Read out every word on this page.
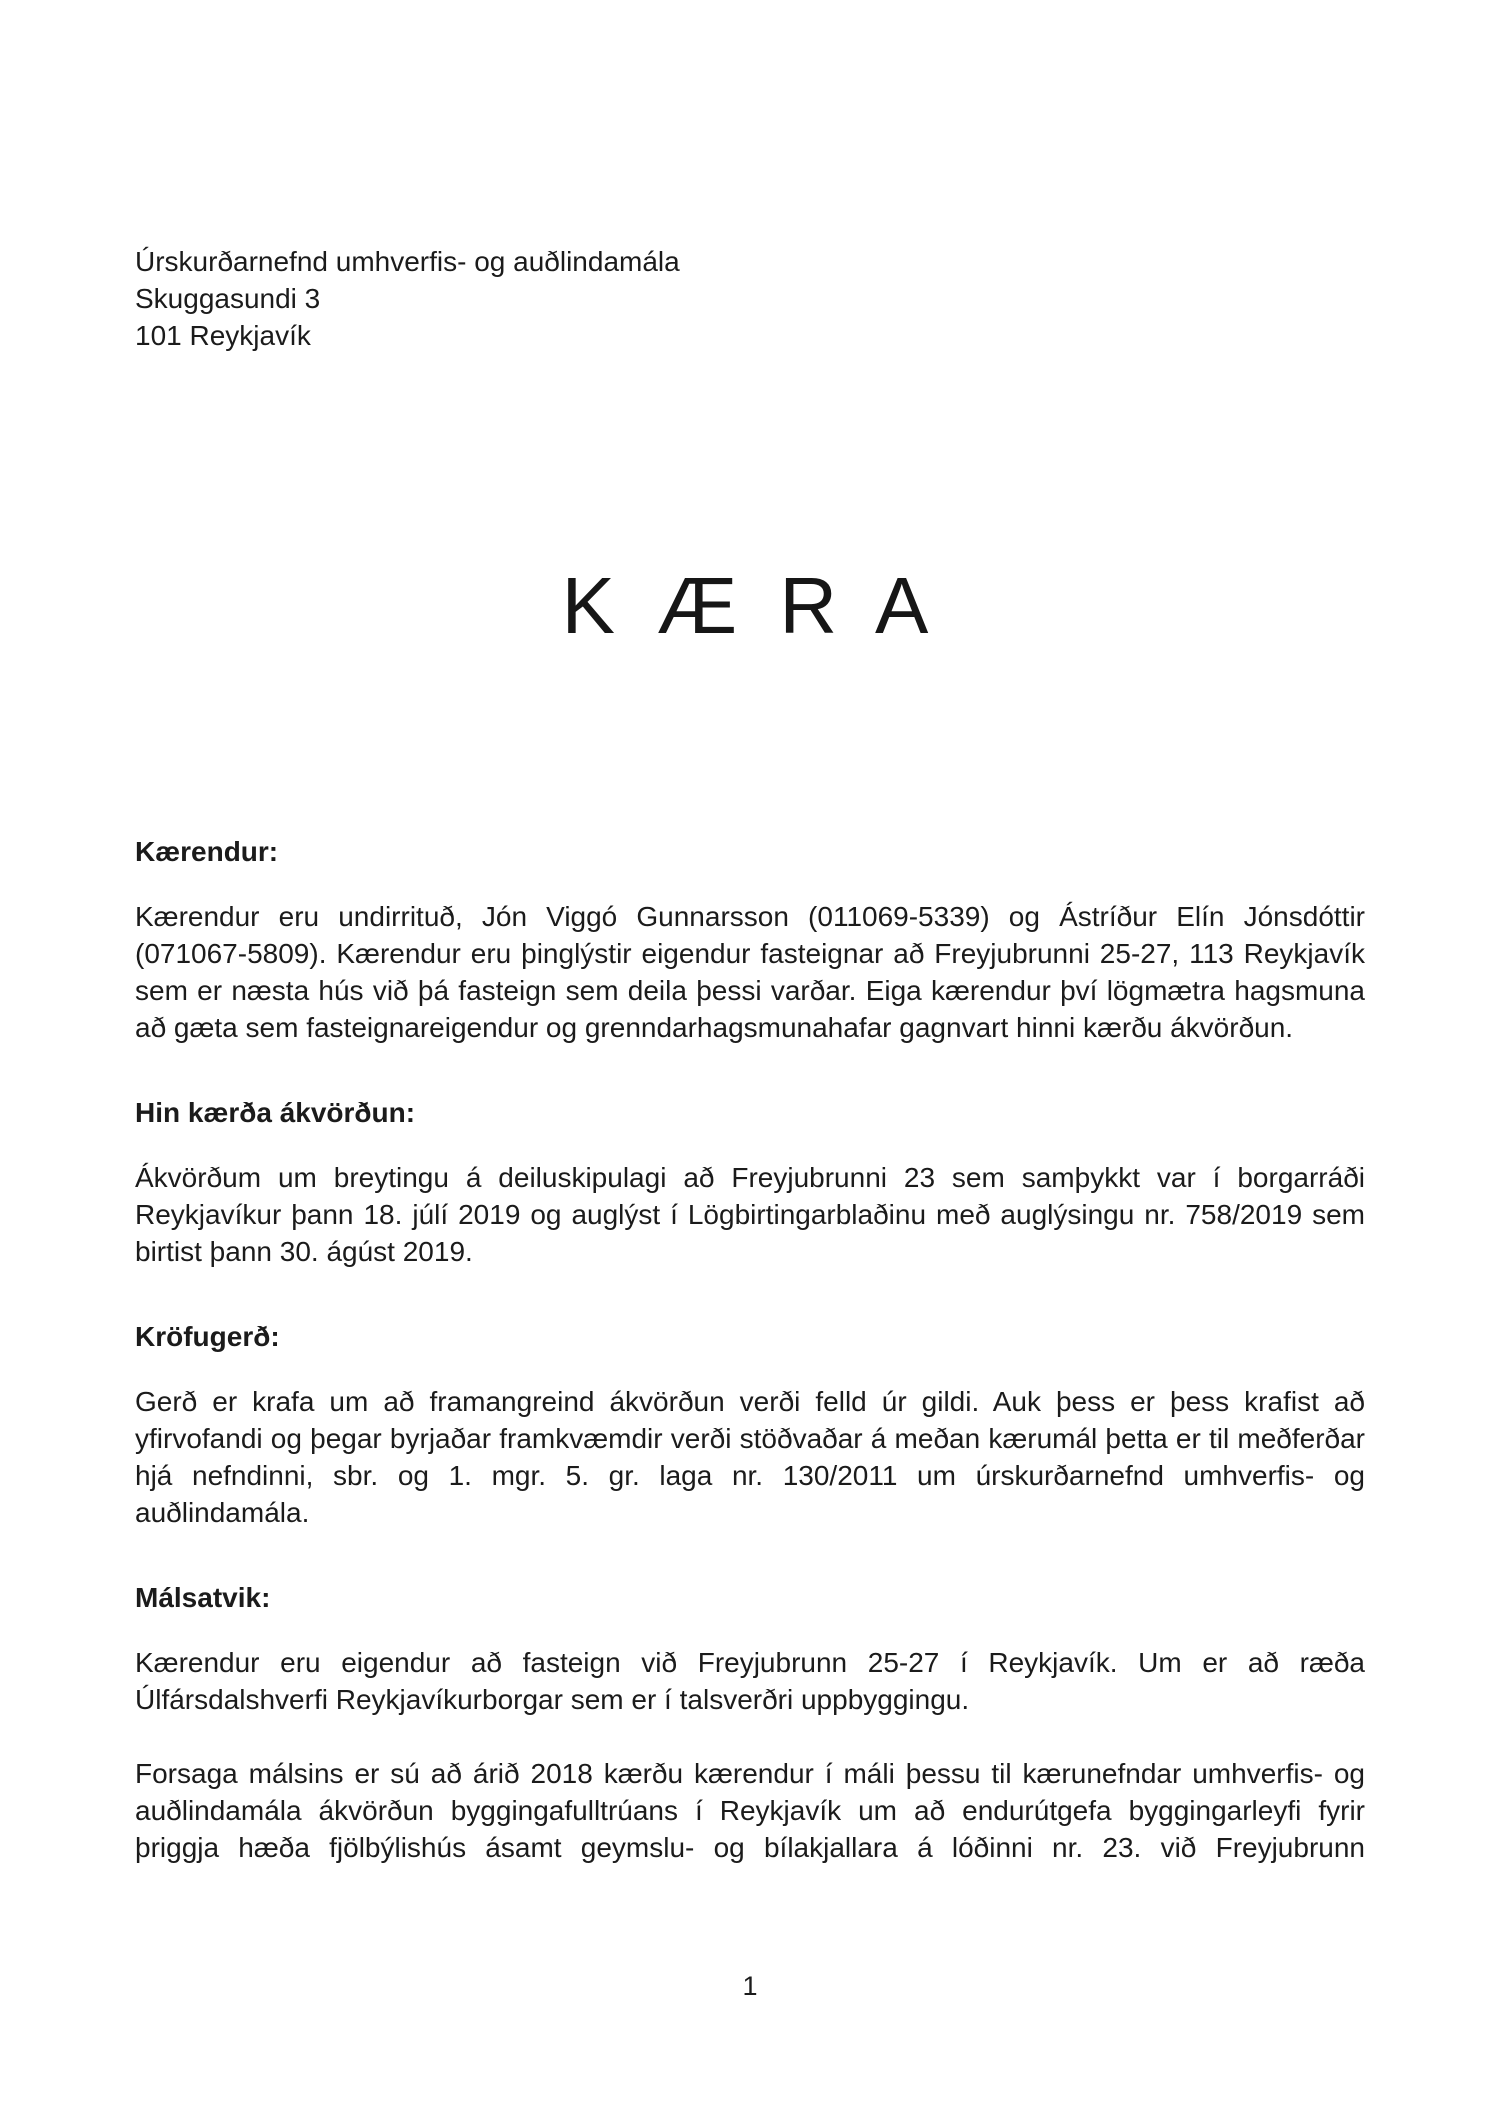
Úrskurðarnefnd umhverfis- og auðlindamála
Skuggasundi 3
101 Reykjavík
K Æ R A
Kærendur:

Kærendur eru undirrituð, Jón Viggó Gunnarsson (011069-5339) og Ástríður Elín Jónsdóttir (071067-5809). Kærendur eru þinglýstir eigendur fasteignar að Freyjubrunni 25-27, 113 Reykjavík sem er næsta hús við þá fasteign sem deila þessi varðar. Eiga kærendur því lögmætra hagsmuna að gæta sem fasteignareigendur og grenndarhagsmunahafar gagnvart hinni kærðu ákvörðun.

Hin kærða ákvörðun:

Ákvörðum um breytingu á deiluskipulagi að Freyjubrunni 23 sem samþykkt var í borgarráði Reykjavíkur þann 18. júlí 2019 og auglýst í Lögbirtingarblaðinu með auglýsingu nr. 758/2019 sem birtist þann 30. ágúst 2019.

Kröfugerð:

Gerð er krafa um að framangreind ákvörðun verði felld úr gildi. Auk þess er þess krafist að yfirvofandi og þegar byrjaðar framkvæmdir verði stöðvaðar á meðan kærumál þetta er til meðferðar hjá nefndinni, sbr. og 1. mgr. 5. gr. laga nr. 130/2011 um úrskurðarnefnd umhverfis- og auðlindamála.

Málsatvik:

Kærendur eru eigendur að fasteign við Freyjubrunn 25-27 í Reykjavík. Um er að ræða Úlfársdalshverfi Reykjavíkurborgar sem er í talsverðri uppbyggingu.

Forsaga málsins er sú að árið 2018 kærðu kærendur í máli þessu til kærunefndar umhverfis- og auðlindamála ákvörðun byggingafulltrúans í Reykjavík um að endurútgefa byggingarleyfi fyrir þriggja hæða fjölbýlishús ásamt geymslu- og bílakjallara á lóðinni nr. 23. við Freyjubrunn

1
